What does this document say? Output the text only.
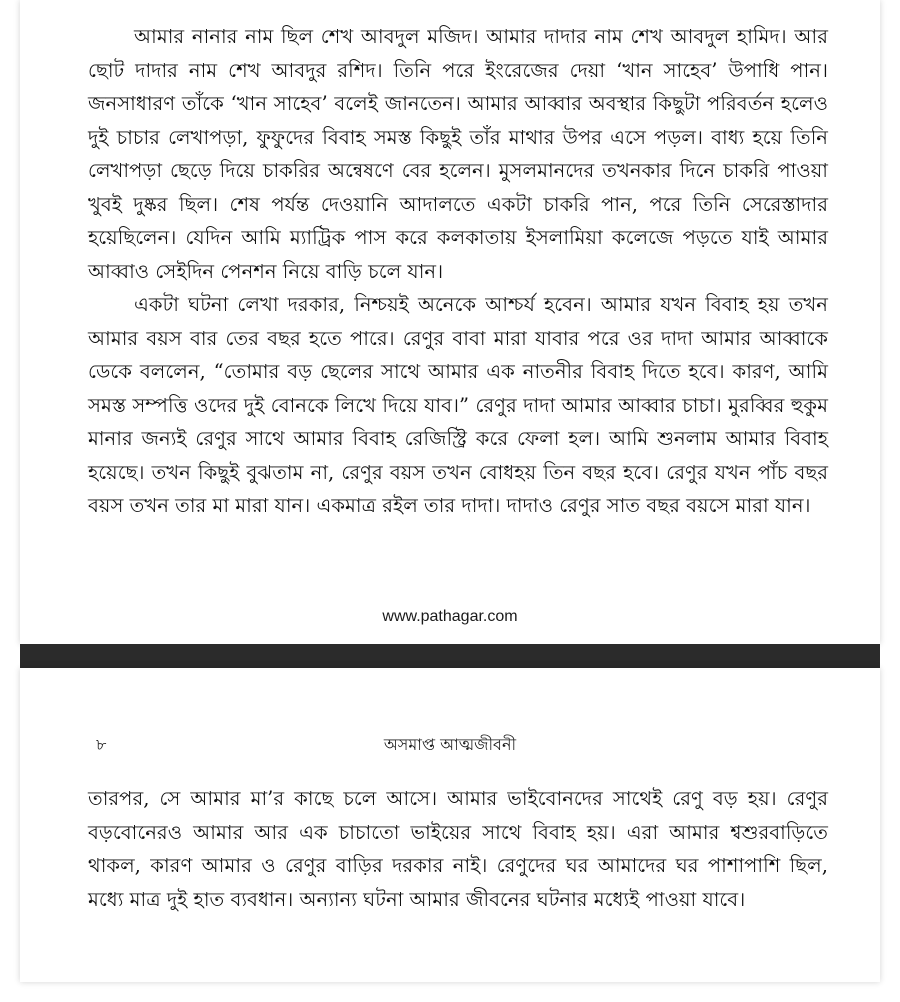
আমার নানার নাম ছিল শেখ আবদুল মজিদ। আমার দাদার নাম শেখ আবদুল হামিদ। আর ছোট দাদার নাম শেখ আবদুর রশিদ। তিনি পরে ইংরেজের দেয়া ‘খান সাহেব’ উপাধি পান। জনসাধারণ তাঁকে ‘খান সাহেব’ বলেই জানতেন। আমার আব্বার অবস্থার কিছুটা পরিবর্তন হলেও দুই চাচার লেখাপড়া, ফুফুদের বিবাহ সমস্ত কিছুই তাঁর মাথার উপর এসে পড়ল। বাধ্য হয়ে তিনি লেখাপড়া ছেড়ে দিয়ে চাকরির অন্বেষণে বের হলেন। মুসলমানদের তখনকার দিনে চাকরি পাওয়া খুবই দুষ্কর ছিল। শেষ পর্যন্ত দেওয়ানি আদালতে একটা চাকরি পান, পরে তিনি সেরেস্তাদার হয়েছিলেন। যেদিন আমি ম্যাট্রিক পাস করে কলকাতায় ইসলামিয়া কলেজে পড়তে যাই আমার আব্বাও সেইদিন পেনশন নিয়ে বাড়ি চলে যান।

একটা ঘটনা লেখা দরকার, নিশ্চয়ই অনেকে আশ্চর্য হবেন। আমার যখন বিবাহ হয় তখন আমার বয়স বার তের বছর হতে পারে। রেণুর বাবা মারা যাবার পরে ওর দাদা আমার আব্বাকে ডেকে বললেন, “তোমার বড় ছেলের সাথে আমার এক নাতনীর বিবাহ দিতে হবে। কারণ, আমি সমস্ত সম্পত্তি ওদের দুই বোনকে লিখে দিয়ে যাব।” রেণুর দাদা আমার আব্বার চাচা। মুরব্বির হুকুম মানার জন্যই রেণুর সাথে আমার বিবাহ রেজিস্ট্রি করে ফেলা হল। আমি শুনলাম আমার বিবাহ হয়েছে। তখন কিছুই বুঝতাম না, রেণুর বয়স তখন বোধহয় তিন বছর হবে। রেণুর যখন পাঁচ বছর বয়স তখন তার মা মারা যান। একমাত্র রইল তার দাদা। দাদাও রেণুর সাত বছর বয়সে মারা যান।

www.pathagar.com
৮	অসমাপ্ত আত্মজীবনী

তারপর, সে আমার মা’র কাছে চলে আসে। আমার ভাইবোনদের সাথেই রেণু বড় হয়। রেণুর বড়বোনেরও আমার আর এক চাচাতো ভাইয়ের সাথে বিবাহ হয়। এরা আমার শ্বশুরবাড়িতে থাকল, কারণ আমার ও রেণুর বাড়ির দরকার নাই। রেণুদের ঘর আমাদের ঘর পাশাপাশি ছিল, মধ্যে মাত্র দুই হাত ব্যবধান। অন্যান্য ঘটনা আমার জীবনের ঘটনার মধ্যেই পাওয়া যাবে।
